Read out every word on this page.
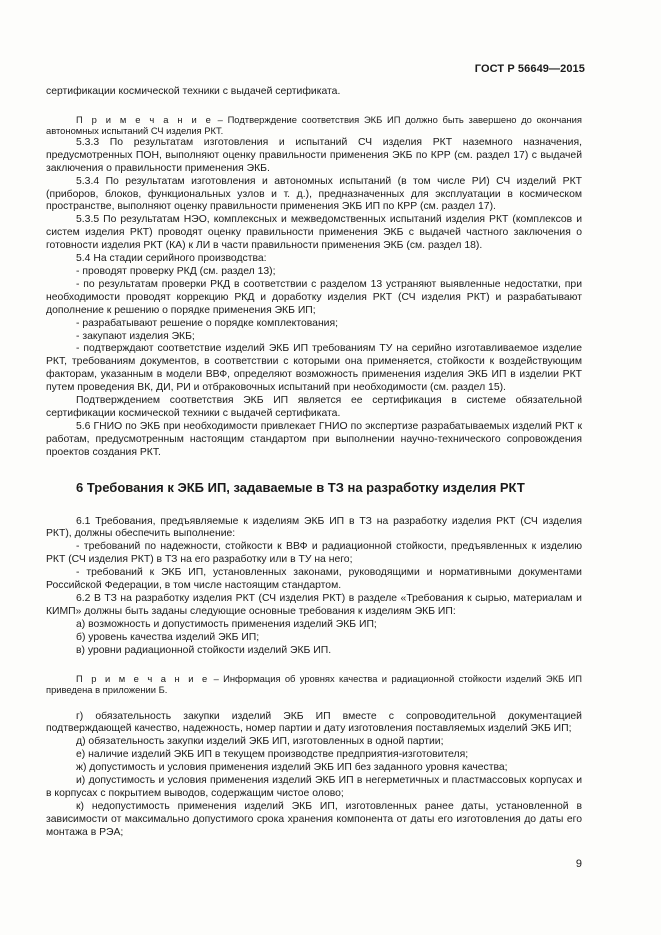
ГОСТ Р 56649—2015

сертификации космической техники с выдачей сертификата.

П р и м е ч а н и е – Подтверждение соответствия ЭКБ ИП должно быть завершено до окончания автономных испытаний СЧ изделия РКТ.

5.3.3 По результатам изготовления и испытаний СЧ изделия РКТ наземного назначения, предусмотренных ПОН, выполняют оценку правильности применения ЭКБ по КРР (см. раздел 17) с выдачей заключения о правильности применения ЭКБ.

5.3.4 По результатам изготовления и автономных испытаний (в том числе РИ) СЧ изделий РКТ (приборов, блоков, функциональных узлов и т. д.), предназначенных для эксплуатации в космическом пространстве, выполняют оценку правильности применения ЭКБ ИП по КРР (см. раздел 17).

5.3.5 По результатам НЭО, комплексных и межведомственных испытаний изделия РКТ (комплексов и систем изделия РКТ) проводят оценку правильности применения ЭКБ с выдачей частного заключения о готовности изделия РКТ (КА) к ЛИ в части правильности применения ЭКБ (см. раздел 18).

5.4 На стадии серийного производства:

- проводят проверку РКД (см. раздел 13);

- по результатам проверки РКД в соответствии с разделом 13 устраняют выявленные недостатки, при необходимости проводят коррекцию РКД и доработку изделия РКТ (СЧ изделия РКТ) и разрабатывают дополнение к решению о порядке применения ЭКБ ИП;

- разрабатывают решение о порядке комплектования;

- закупают изделия ЭКБ;

- подтверждают соответствие изделий ЭКБ ИП требованиям ТУ на серийно изготавливаемое изделие РКТ, требованиям документов, в соответствии с которыми она применяется, стойкости к воздействующим факторам, указанным в модели ВВФ, определяют возможность применения изделия ЭКБ ИП в изделии РКТ путем проведения ВК, ДИ, РИ и отбраковочных испытаний при необходимости (см. раздел 15).

Подтверждением соответствия ЭКБ ИП является ее сертификация в системе обязательной сертификации космической техники с выдачей сертификата.

5.6 ГНИО по ЭКБ при необходимости привлекает ГНИО по экспертизе разрабатываемых изделий РКТ к работам, предусмотренным настоящим стандартом при выполнении научно-технического сопровождения проектов создания РКТ.

6 Требования к ЭКБ ИП, задаваемые в ТЗ на разработку изделия РКТ

6.1 Требования, предъявляемые к изделиям ЭКБ ИП в ТЗ на разработку изделия РКТ (СЧ изделия РКТ), должны обеспечить выполнение:

- требований по надежности, стойкости к ВВФ и радиационной стойкости, предъявленных к изделию РКТ (СЧ изделия РКТ) в ТЗ на его разработку или в ТУ на него;

- требований к ЭКБ ИП, установленных законами, руководящими и нормативными документами Российской Федерации, в том числе настоящим стандартом.

6.2 В ТЗ на разработку изделия РКТ (СЧ изделия РКТ) в разделе «Требования к сырью, материалам и КИМП» должны быть заданы следующие основные требования к изделиям ЭКБ ИП:

а) возможность и допустимость применения изделий ЭКБ ИП;

б) уровень качества изделий ЭКБ ИП;

в) уровни радиационной стойкости изделий ЭКБ ИП.

П р и м е ч а н и е – Информация об уровнях качества и радиационной стойкости изделий ЭКБ ИП приведена в приложении Б.

г) обязательность закупки изделий ЭКБ ИП вместе с сопроводительной документацией подтверждающей качество, надежность, номер партии и дату изготовления поставляемых изделий ЭКБ ИП;

д) обязательность закупки изделий ЭКБ ИП, изготовленных в одной партии;

е) наличие изделий ЭКБ ИП в текущем производстве предприятия-изготовителя;

ж) допустимость и условия применения изделий ЭКБ ИП без заданного уровня качества;

и) допустимость и условия применения изделий ЭКБ ИП в негерметичных и пластмассовых корпусах и в корпусах с покрытием выводов, содержащим чистое олово;

к) недопустимость применения изделий ЭКБ ИП, изготовленных ранее даты, установленной в зависимости от максимально допустимого срока хранения компонента от даты его изготовления до даты его монтажа в РЭА;

9
